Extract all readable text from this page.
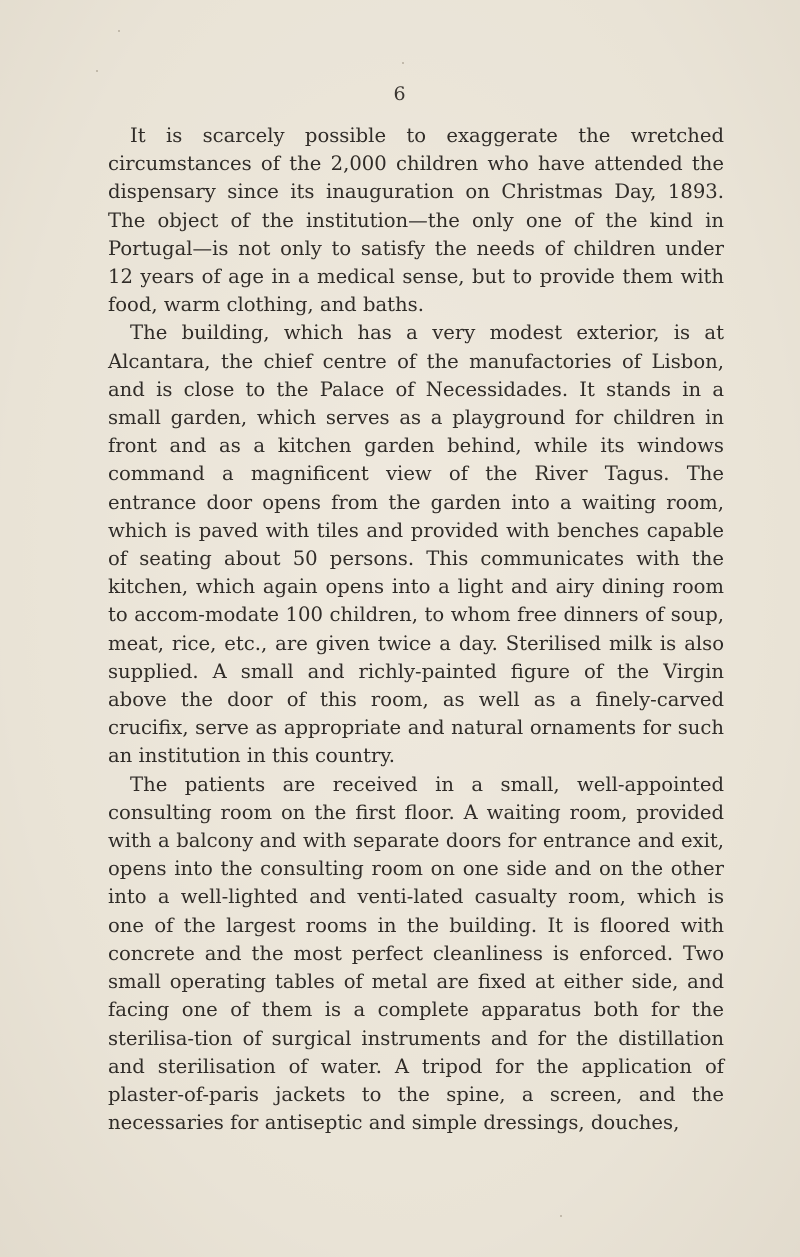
6

It is scarcely possible to exaggerate the wretched circumstances of the 2,000 children who have attended the dispensary since its inauguration on Christmas Day, 1893. The object of the institution—the only one of the kind in Portugal—is not only to satisfy the needs of children under 12 years of age in a medical sense, but to provide them with food, warm clothing, and baths.

The building, which has a very modest exterior, is at Alcantara, the chief centre of the manufactories of Lisbon, and is close to the Palace of Necessidades. It stands in a small garden, which serves as a playground for children in front and as a kitchen garden behind, while its windows command a magnificent view of the River Tagus. The entrance door opens from the garden into a waiting room, which is paved with tiles and provided with benches capable of seating about 50 persons. This communicates with the kitchen, which again opens into a light and airy dining room to accom-modate 100 children, to whom free dinners of soup, meat, rice, etc., are given twice a day. Sterilised milk is also supplied. A small and richly-painted figure of the Virgin above the door of this room, as well as a finely-carved crucifix, serve as appropriate and natural ornaments for such an institution in this country.

The patients are received in a small, well-appointed consulting room on the first floor. A waiting room, provided with a balcony and with separate doors for entrance and exit, opens into the consulting room on one side and on the other into a well-lighted and venti-lated casualty room, which is one of the largest rooms in the building. It is floored with concrete and the most perfect cleanliness is enforced. Two small operating tables of metal are fixed at either side, and facing one of them is a complete apparatus both for the sterilisa-tion of surgical instruments and for the distillation and sterilisation of water. A tripod for the application of plaster-of-paris jackets to the spine, a screen, and the necessaries for antiseptic and simple dressings, douches,
